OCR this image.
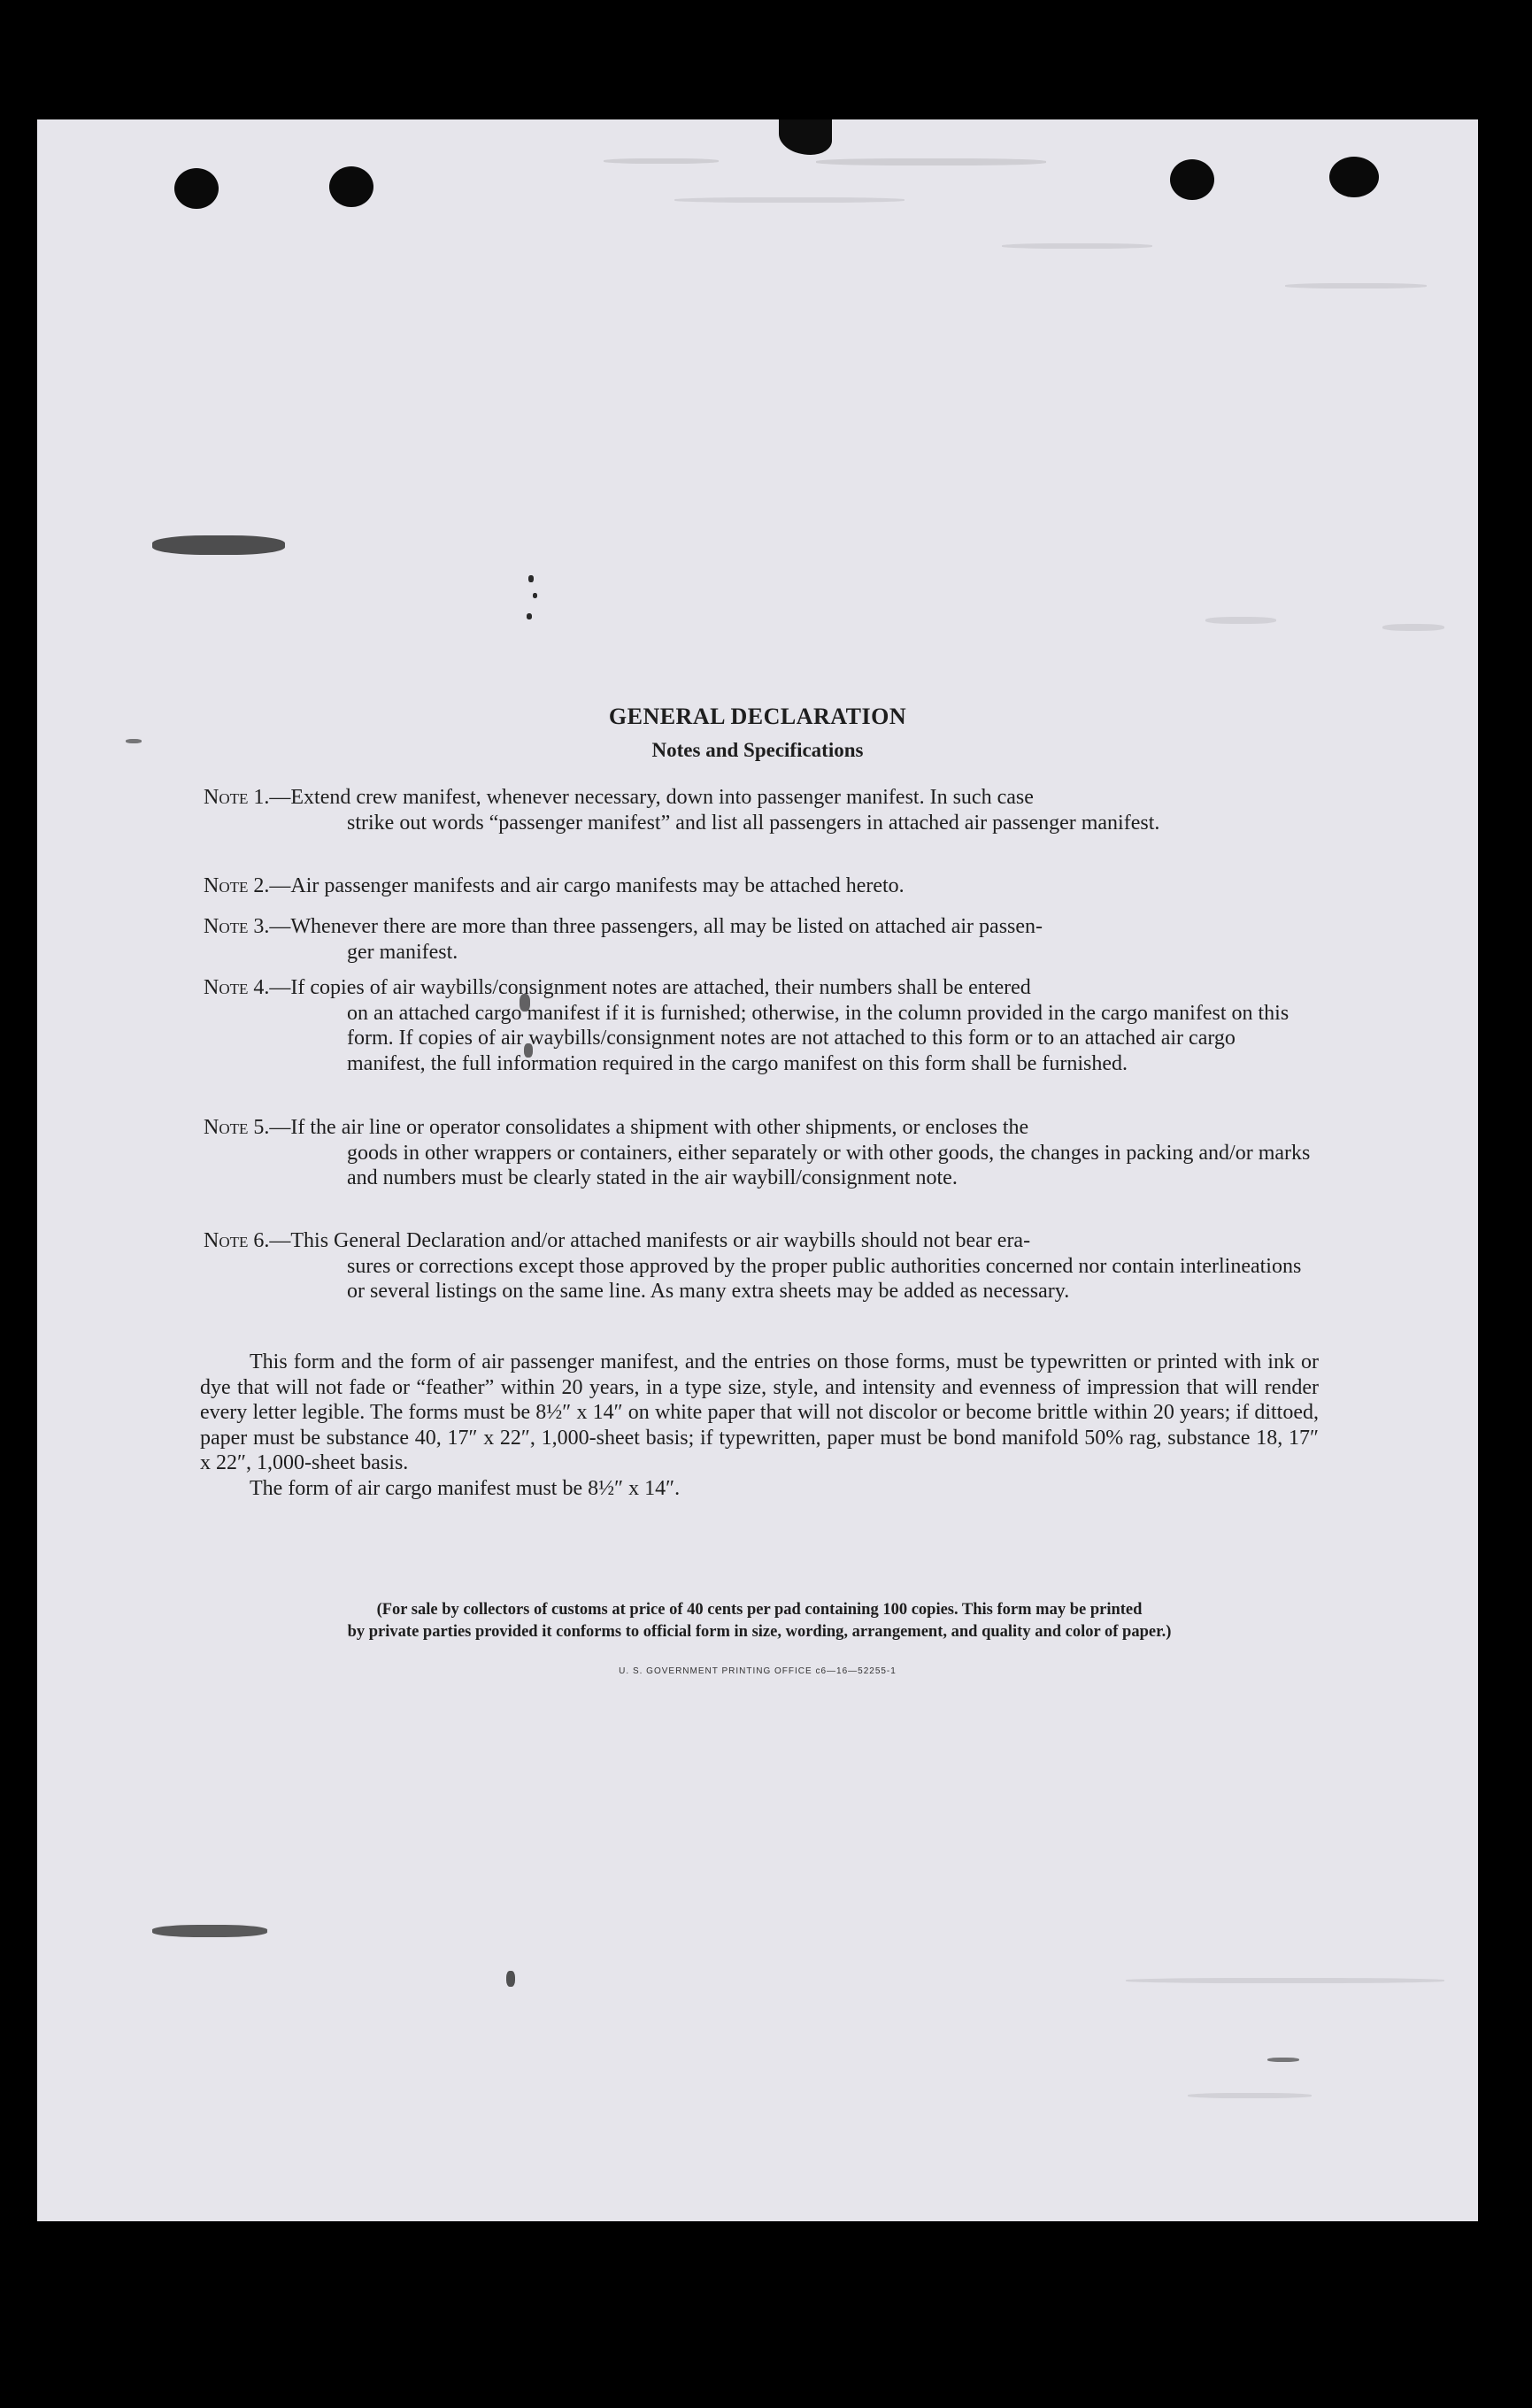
GENERAL DECLARATION
Notes and Specifications
Note 1.—Extend crew manifest, whenever necessary, down into passenger manifest. In such case
strike out words “passenger manifest” and list all passengers in attached air passenger manifest.
Note 2.—Air passenger manifests and air cargo manifests may be attached hereto.
Note 3.—Whenever there are more than three passengers, all may be listed on attached air passen-
ger manifest.
Note 4.—If copies of air waybills/consignment notes are attached, their numbers shall be entered
on an attached cargo manifest if it is furnished; otherwise, in the column provided in the cargo manifest on this form. If copies of air waybills/consignment notes are not attached to this form or to an attached air cargo manifest, the full information required in the cargo manifest on this form shall be furnished.
Note 5.—If the air line or operator consolidates a shipment with other shipments, or encloses the
goods in other wrappers or containers, either separately or with other goods, the changes in packing and/or marks and numbers must be clearly stated in the air waybill/consignment note.
Note 6.—This General Declaration and/or attached manifests or air waybills should not bear era-
sures or corrections except those approved by the proper public authorities concerned nor contain interlineations or several listings on the same line. As many extra sheets may be added as necessary.
This form and the form of air passenger manifest, and the entries on those forms, must be typewritten or printed with ink or dye that will not fade or “feather” within 20 years, in a type size, style, and intensity and evenness of impression that will render every letter legible. The forms must be 8½″ x 14″ on white paper that will not discolor or become brittle within 20 years; if dittoed, paper must be substance 40, 17″ x 22″, 1,000-sheet basis; if typewritten, paper must be bond manifold 50% rag, substance 18, 17″ x 22″, 1,000-sheet basis.
The form of air cargo manifest must be 8½″ x 14″.
(For sale by collectors of customs at price of 40 cents per pad containing 100 copies. This form may be printed
by private parties provided it conforms to official form in size, wording, arrangement, and quality and color of paper.)
U. S. GOVERNMENT PRINTING OFFICE c6—16—52255-1
